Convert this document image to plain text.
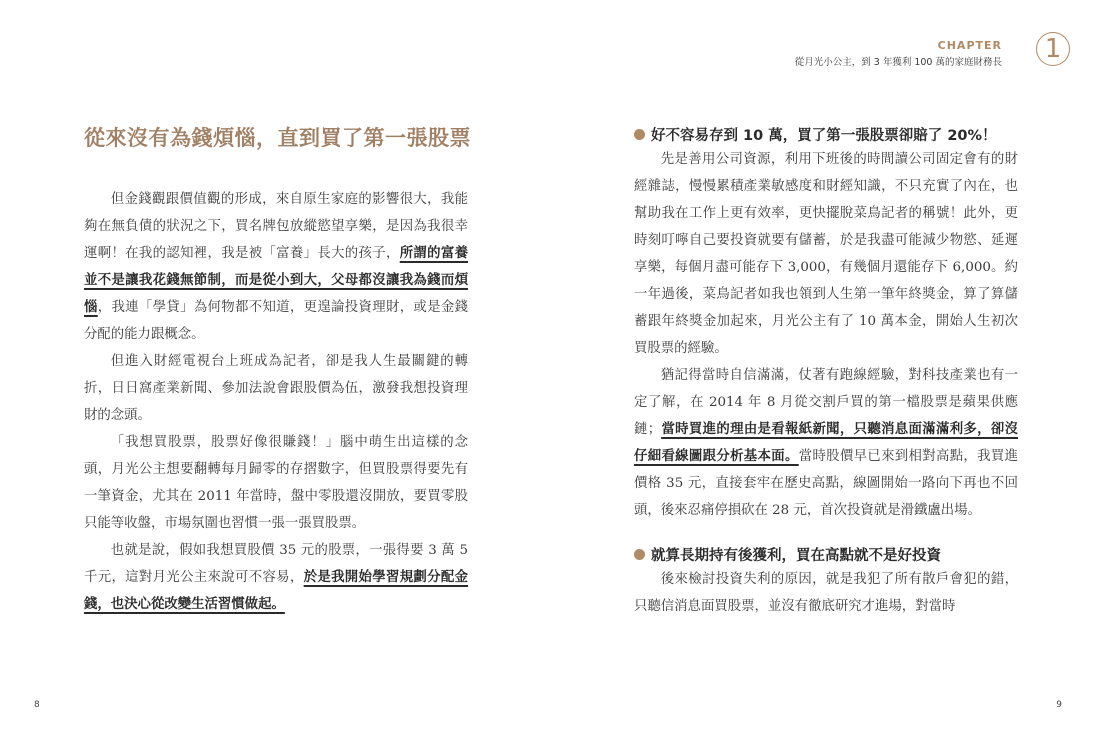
CHAPTER
從月光小公主，到 3 年獲利 100 萬的家庭財務長	1
從來沒有為錢煩惱，直到買了第一張股票

但金錢觀跟價值觀的形成，來自原生家庭的影響很大，我能夠在無負債的狀況之下，買名牌包放縱慾望享樂，是因為我很幸運啊！在我的認知裡，我是被「富養」長大的孩子，所謂的富養並不是讓我花錢無節制，而是從小到大，父母都沒讓我為錢而煩惱，我連「學貸」為何物都不知道，更遑論投資理財，或是金錢分配的能力跟概念。

但進入財經電視台上班成為記者，卻是我人生最關鍵的轉折，日日窩產業新聞、參加法說會跟股價為伍，激發我想投資理財的念頭。

「我想買股票，股票好像很賺錢！」腦中萌生出這樣的念頭，月光公主想要翻轉每月歸零的存摺數字，但買股票得要先有一筆資金，尤其在 2011 年當時，盤中零股還沒開放，要買零股只能等收盤，市場氛圍也習慣一張一張買股票。

也就是說，假如我想買股價 35 元的股票，一張得要 3 萬 5 千元，這對月光公主來說可不容易，於是我開始學習規劃分配金錢，也決心從改變生活習慣做起。

好不容易存到 10 萬，買了第一張股票卻賠了 20%！

先是善用公司資源，利用下班後的時間讀公司固定會有的財經雜誌，慢慢累積產業敏感度和財經知識，不只充實了內在，也幫助我在工作上更有效率，更快擺脫菜鳥記者的稱號！此外，更時刻叮嚀自己要投資就要有儲蓄，於是我盡可能減少物慾、延遲享樂，每個月盡可能存下 3,000，有幾個月還能存下 6,000。約一年過後，菜鳥記者如我也領到人生第一筆年終獎金，算了算儲蓄跟年終獎金加起來，月光公主有了 10 萬本金，開始人生初次買股票的經驗。

猶記得當時自信滿滿，仗著有跑線經驗，對科技產業也有一定了解，在 2014 年 8 月從交割戶買的第一檔股票是蘋果供應鏈；當時買進的理由是看報紙新聞，只聽消息面滿滿利多，卻沒仔細看線圖跟分析基本面。當時股價早已來到相對高點，我買進價格 35 元，直接套牢在歷史高點，線圖開始一路向下再也不回頭，後來忍痛停損砍在 28 元，首次投資就是滑鐵盧出場。

就算長期持有後獲利，買在高點就不是好投資

後來檢討投資失利的原因，就是我犯了所有散戶會犯的錯，只聽信消息面買股票，並沒有徹底研究才進場，對當時

8	9
